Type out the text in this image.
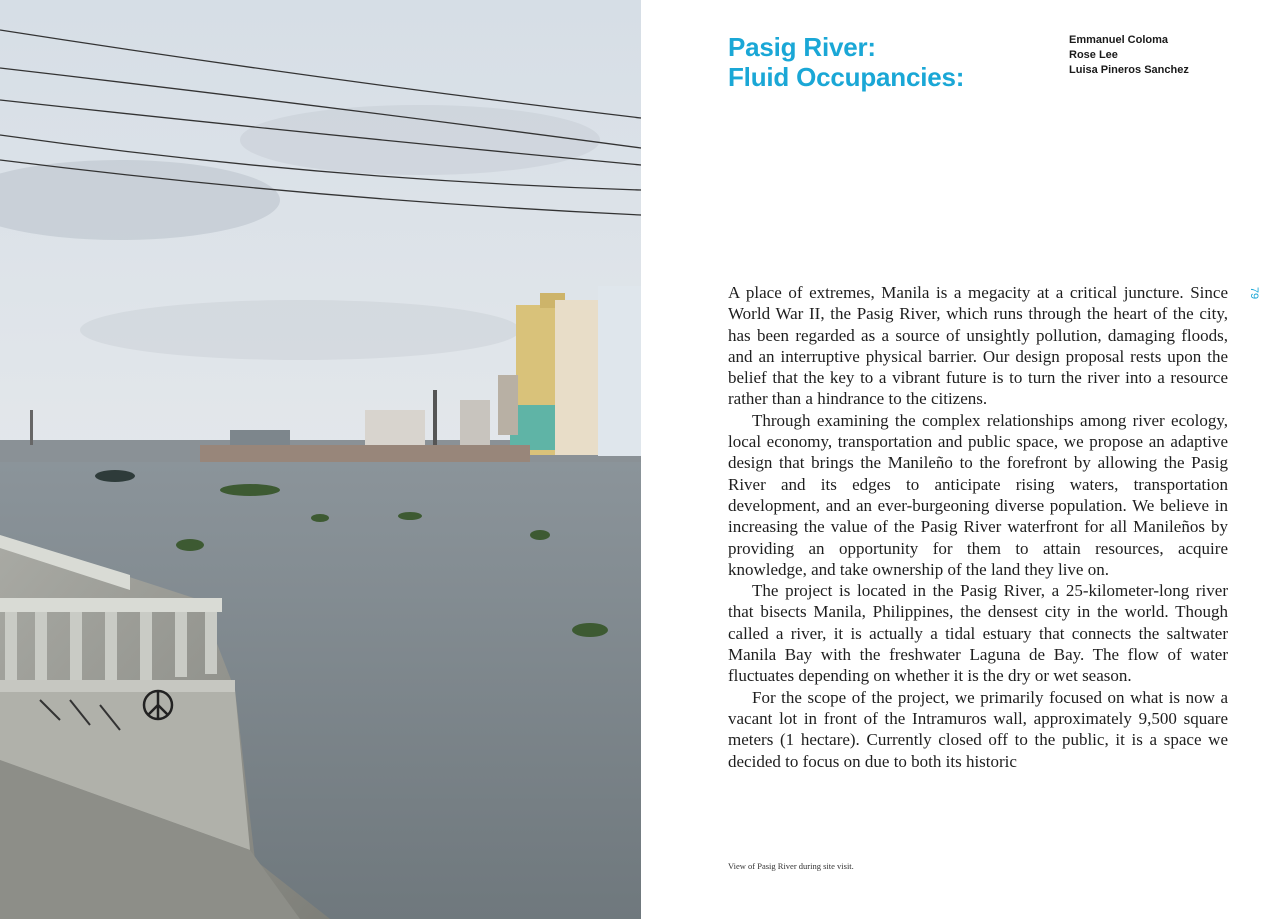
Pasig River:
Fluid Occupancies:
Emmanuel Coloma
Rose Lee
Luisa Pineros Sanchez
79

A place of extremes, Manila is a megacity at a critical juncture. Since World War II, the Pasig River, which runs through the heart of the city, has been regarded as a source of unsightly pollution, damaging floods, and an interruptive physical barrier. Our design proposal rests upon the belief that the key to a vibrant future is to turn the river into a resource rather than a hindrance to the citizens.

Through examining the complex relationships among river ecology, local economy, transportation and public space, we propose an adaptive design that brings the Manileño to the forefront by allowing the Pasig River and its edges to anticipate rising waters, transportation development, and an ever-burgeoning diverse population. We believe in increasing the value of the Pasig River waterfront for all Manileños by providing an opportunity for them to attain resources, acquire knowledge, and take ownership of the land they live on.

The project is located in the Pasig River, a 25-kilometer-long river that bisects Manila, Philippines, the densest city in the world. Though called a river, it is actually a tidal estuary that connects the saltwater Manila Bay with the freshwater Laguna de Bay. The flow of water fluctuates depending on whether it is the dry or wet season.

For the scope of the project, we primarily focused on what is now a vacant lot in front of the Intramuros wall, approximately 9,500 square meters (1 hectare). Currently closed off to the public, it is a space we decided to focus on due to both its historic

View of Pasig River during site visit.
